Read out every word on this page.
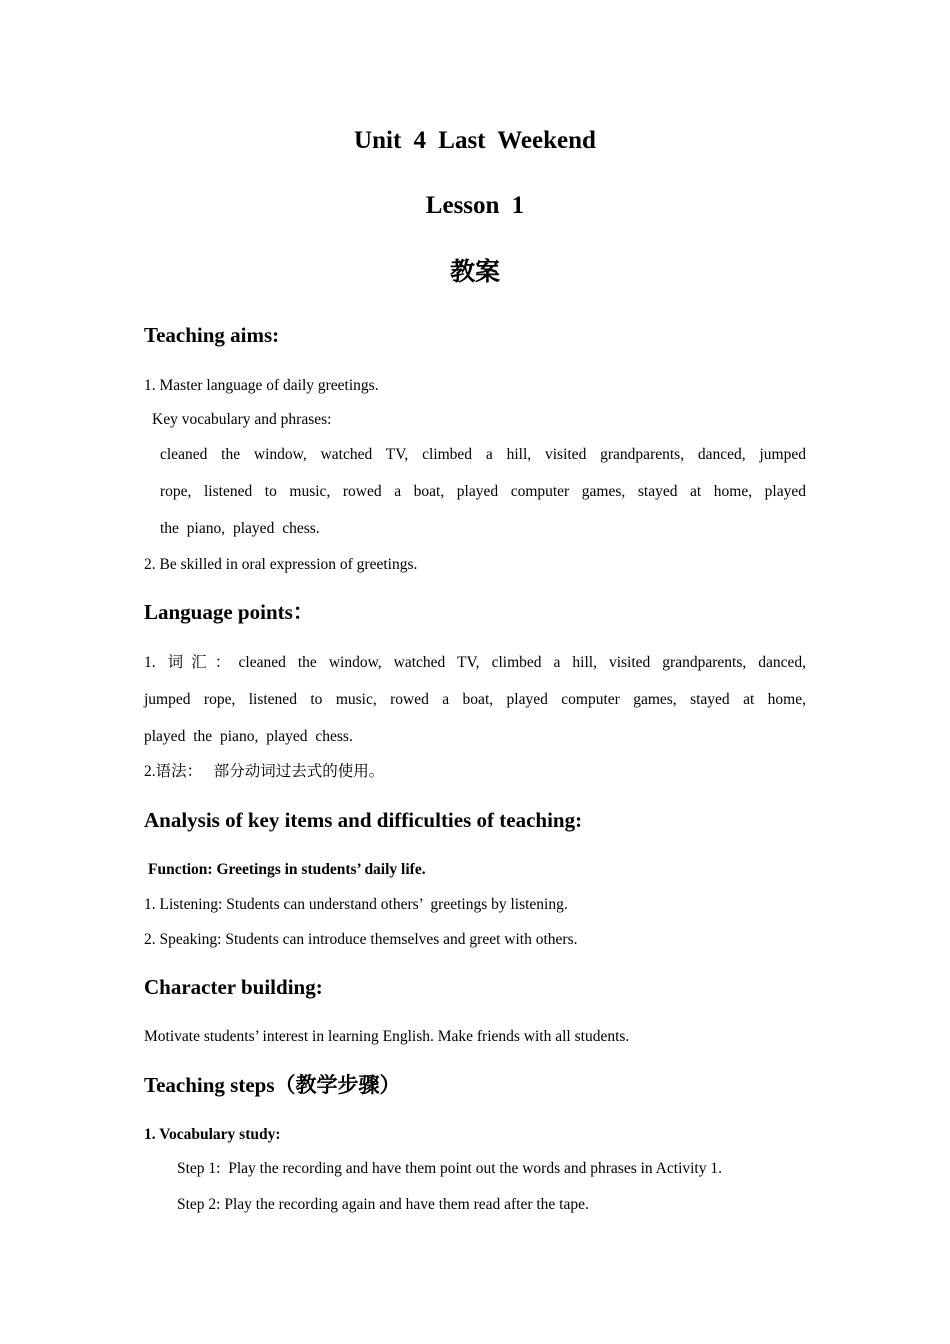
Unit 4 Last Weekend
Lesson 1
教案
Teaching aims:
1. Master language of daily greetings.
Key vocabulary and phrases:
cleaned the window, watched TV, climbed a hill, visited grandparents, danced, jumped
rope, listened to music, rowed a boat, played computer games, stayed at home, played
the piano, played chess.
2. Be skilled in oral expression of greetings.
Language points：
1. 词汇：cleaned the window, watched TV, climbed a hill, visited grandparents, danced,
jumped rope, listened to music, rowed a boat, played computer games, stayed at home,
played the piano, played chess.
2.语法：   部分动词过去式的使用。
Analysis of key items and difficulties of teaching:
Function: Greetings in students’ daily life.
1. Listening: Students can understand others’  greetings by listening.
2. Speaking: Students can introduce themselves and greet with others.
Character building:
Motivate students’ interest in learning English. Make friends with all students.
Teaching steps（教学步骤）
1. Vocabulary study:
Step 1:  Play the recording and have them point out the words and phrases in Activity 1.
Step 2: Play the recording again and have them read after the tape.
